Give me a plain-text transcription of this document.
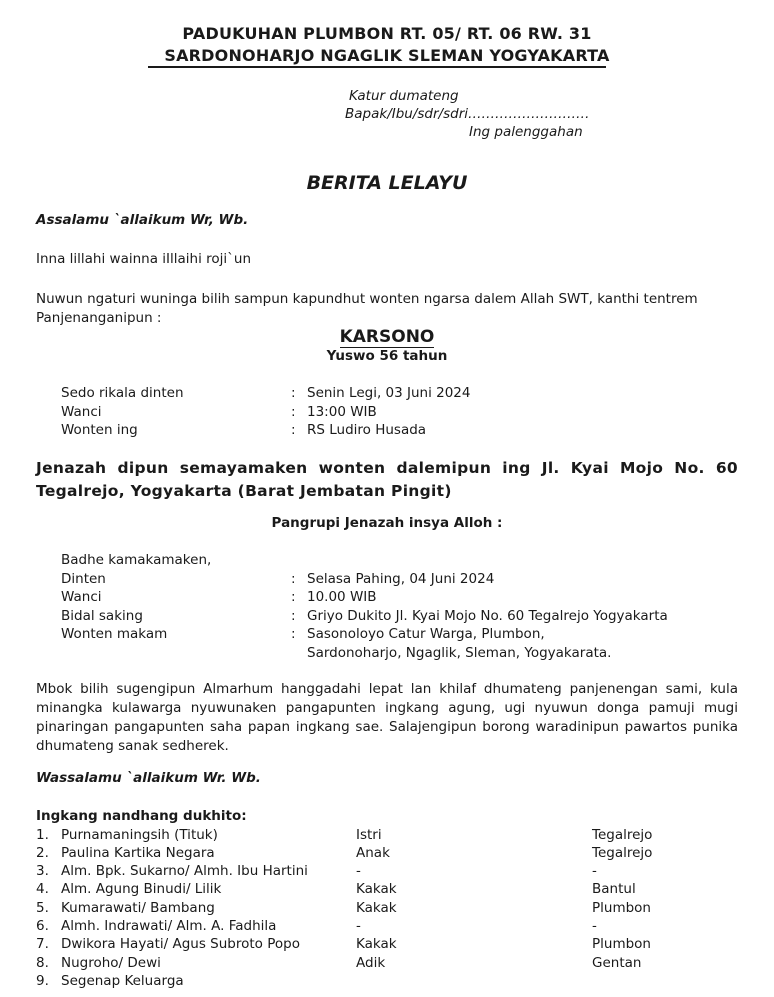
PADUKUHAN PLUMBON RT. 05/ RT. 06 RW. 31
SARDONOHARJO NGAGLIK SLEMAN YOGYAKARTA
Katur dumateng
Bapak/Ibu/sdr/sdri………………………
Ing palenggahan
BERITA LELAYU
Assalamu `allaikum Wr, Wb.
Inna lillahi wainna iIllaihi roji`un
Nuwun ngaturi wuninga bilih sampun kapundhut wonten ngarsa dalem Allah SWT, kanthi tentrem Panjenanganipun :
KARSONO
Yuswo 56 tahun
Sedo rikala dinten	: Senin Legi, 03 Juni 2024
Wanci	: 13:00 WIB
Wonten ing	: RS Ludiro Husada
Jenazah dipun semayamaken wonten dalemipun ing Jl. Kyai Mojo No. 60 Tegalrejo, Yogyakarta (Barat Jembatan Pingit)
Pangrupi Jenazah insya Alloh :
Badhe kamakamaken,
Dinten	: Selasa Pahing, 04 Juni 2024
Wanci	: 10.00 WIB
Bidal saking	: Griyo Dukito Jl. Kyai Mojo No. 60 Tegalrejo Yogyakarta
Wonten makam	: Sasonoloyo Catur Warga, Plumbon,
Sardonoharjo, Ngaglik, Sleman, Yogyakarata.
Mbok bilih sugengipun Almarhum hanggadahi lepat lan khilaf dhumateng panjenengan sami, kula minangka kulawarga nyuwunaken pangapunten ingkang agung, ugi nyuwun donga pamuji mugi pinaringan pangapunten saha papan ingkang sae. Salajengipun borong waradinipun pawartos punika dhumateng sanak sedherek.
Wassalamu `allaikum Wr. Wb.
Ingkang nandhang dukhito:
1. Purnamaningsih (Tituk)	Istri	Tegalrejo
2. Paulina Kartika Negara	Anak	Tegalrejo
3. Alm. Bpk. Sukarno/ Almh. Ibu Hartini	-	-
4. Alm. Agung Binudi/ Lilik	Kakak	Bantul
5. Kumarawati/ Bambang	Kakak	Plumbon
6. Almh. Indrawati/ Alm. A. Fadhila	-	-
7. Dwikora Hayati/ Agus Subroto Popo	Kakak	Plumbon
8. Nugroho/ Dewi	Adik	Gentan
9. Segenap Keluarga
